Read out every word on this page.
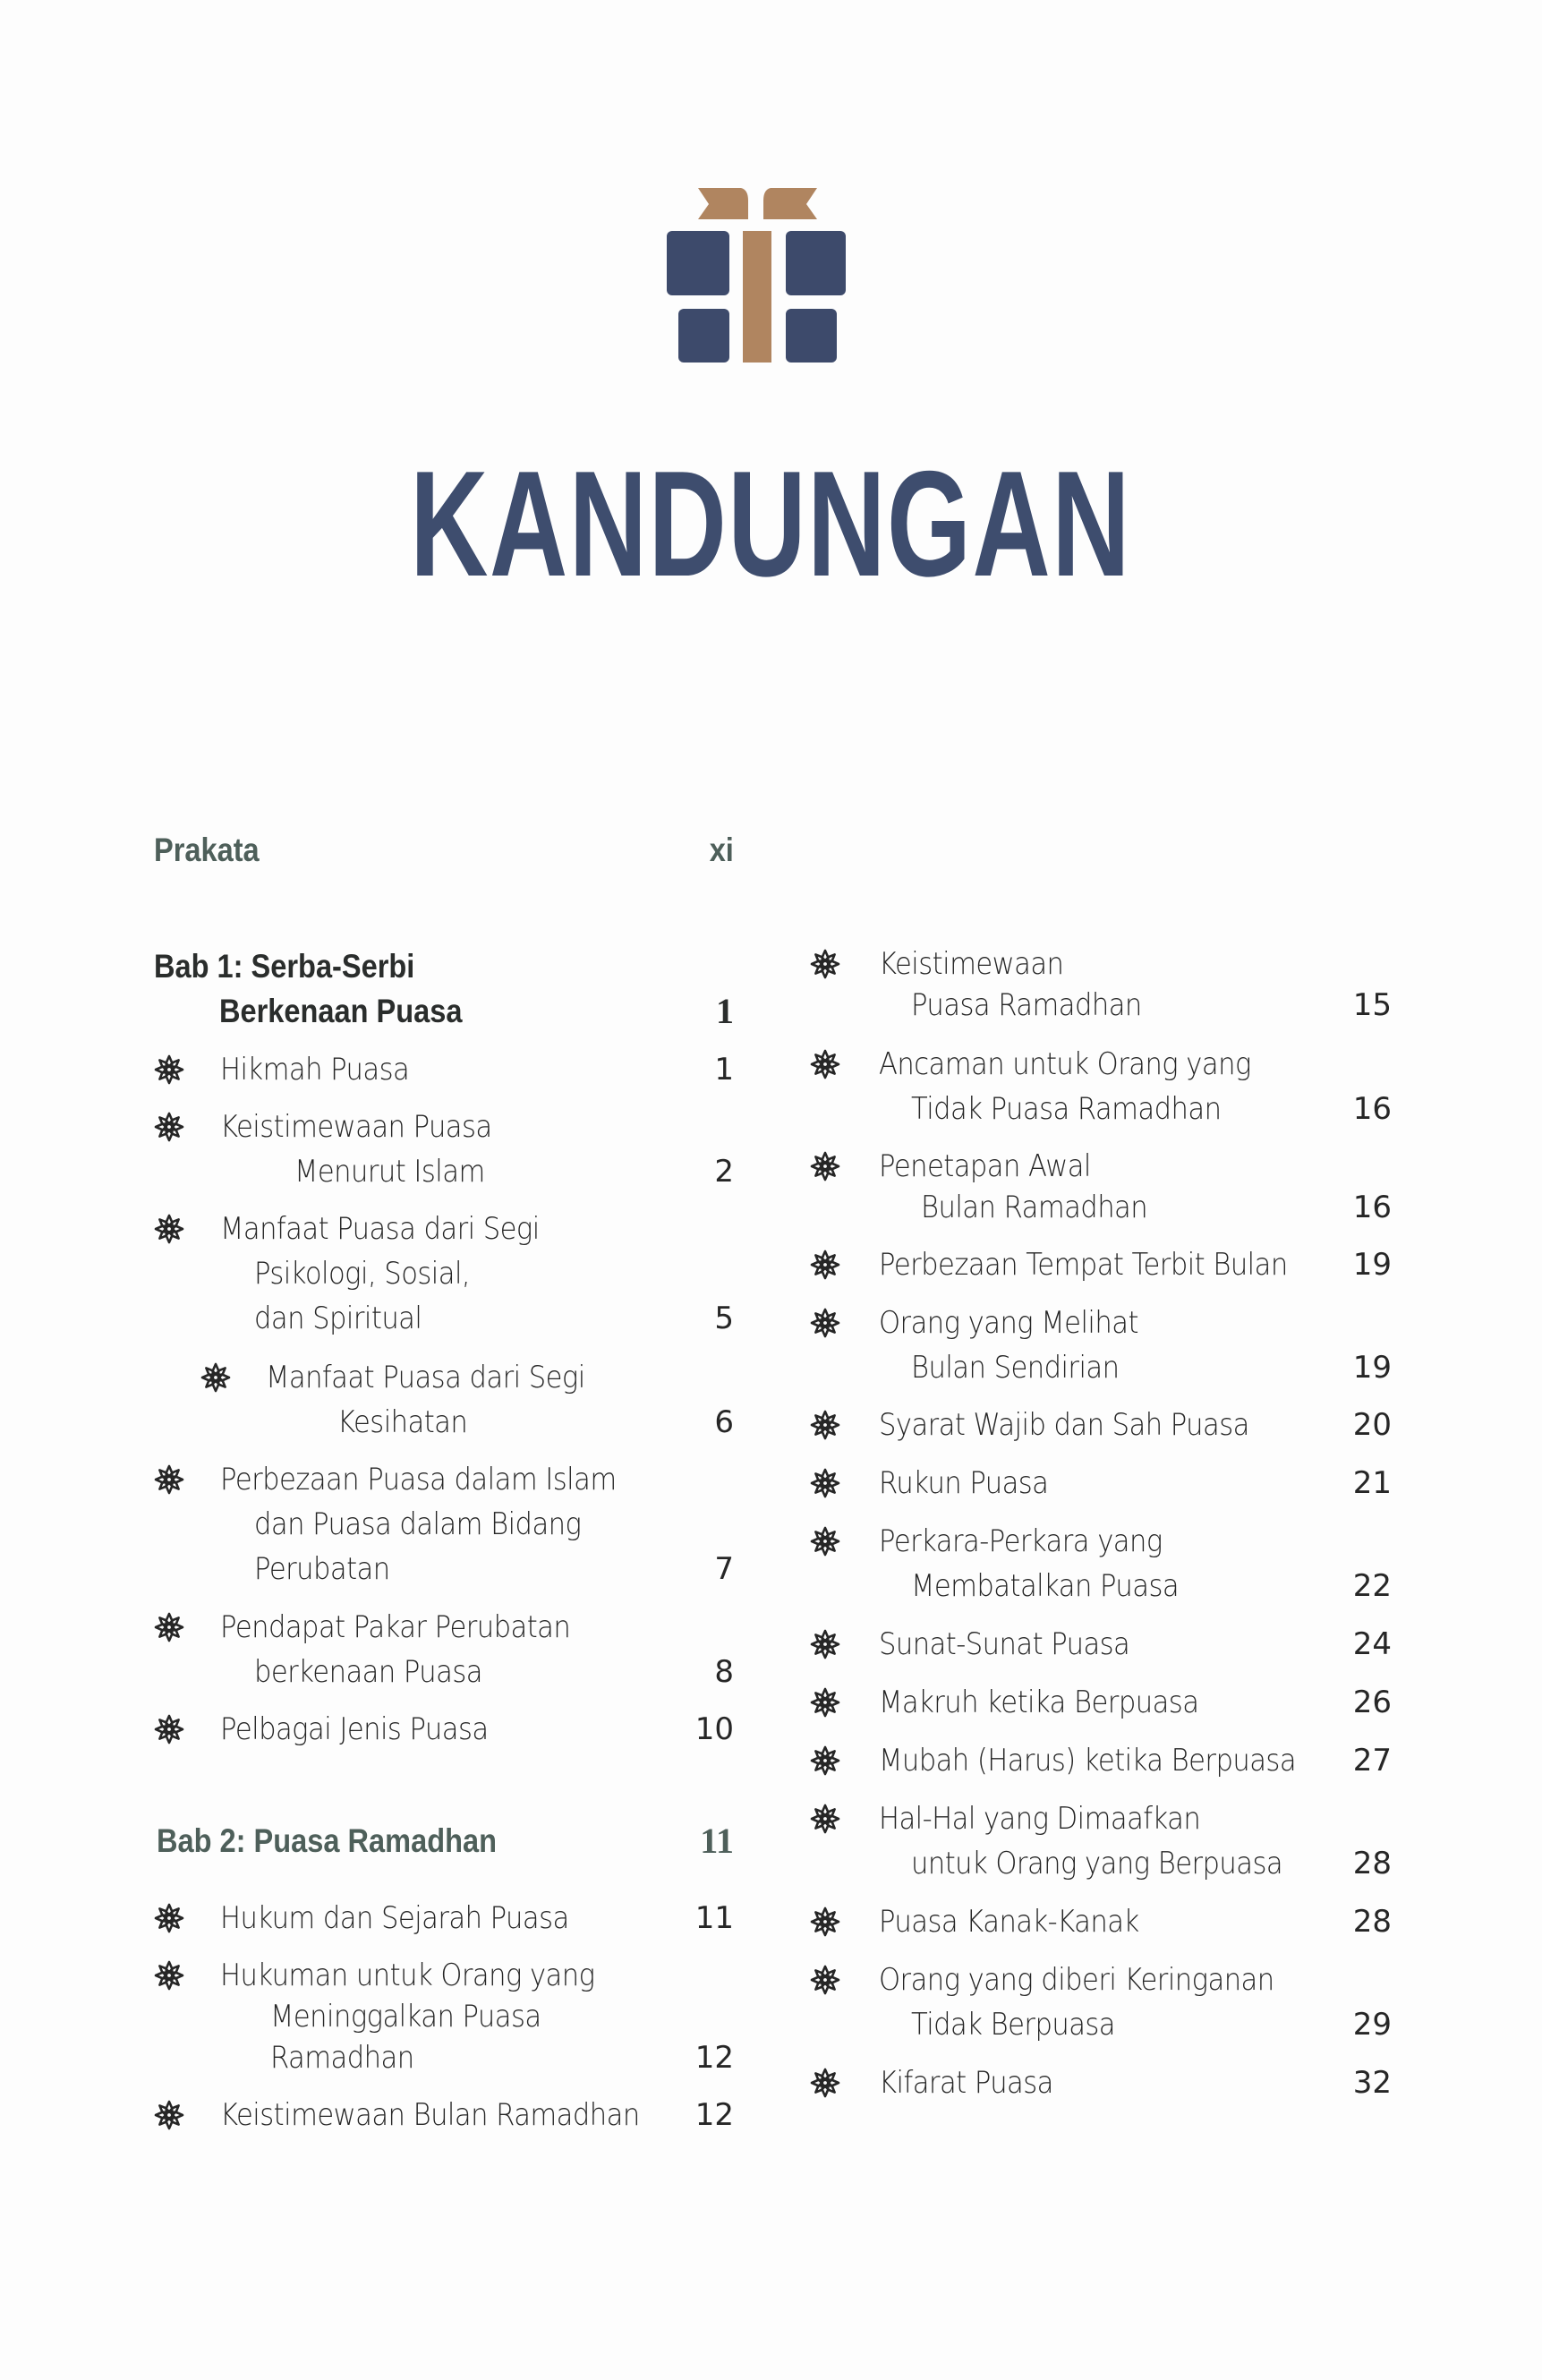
KANDUNGAN
Prakata	xi
Bab 1: Serba-Serbi
Berkenaan Puasa	1
Hikmah Puasa	1
Keistimewaan Puasa
Menurut Islam	2
Manfaat Puasa dari Segi
Psikologi, Sosial,
dan Spiritual	5
Manfaat Puasa dari Segi
Kesihatan	6
Perbezaan Puasa dalam Islam
dan Puasa dalam Bidang
Perubatan	7
Pendapat Pakar Perubatan
berkenaan Puasa	8
Pelbagai Jenis Puasa	10
Bab 2: Puasa Ramadhan	11
Hukum dan Sejarah Puasa	11
Hukuman untuk Orang yang
Meninggalkan Puasa
Ramadhan	12
Keistimewaan Bulan Ramadhan 12
Keistimewaan
Puasa Ramadhan	15
Ancaman untuk Orang yang
Tidak Puasa Ramadhan	16
Penetapan Awal
Bulan Ramadhan	16
Perbezaan Tempat Terbit Bulan 19
Orang yang Melihat
Bulan Sendirian	19
Syarat Wajib dan Sah Puasa	20
Rukun Puasa	21
Perkara-Perkara yang
Membatalkan Puasa	22
Sunat-Sunat Puasa	24
Makruh ketika Berpuasa	26
Mubah (Harus) ketika Berpuasa 27
Hal-Hal yang Dimaafkan
untuk Orang yang Berpuasa 28
Puasa Kanak-Kanak	28
Orang yang diberi Keringanan
Tidak Berpuasa	29
Kifarat Puasa	32
